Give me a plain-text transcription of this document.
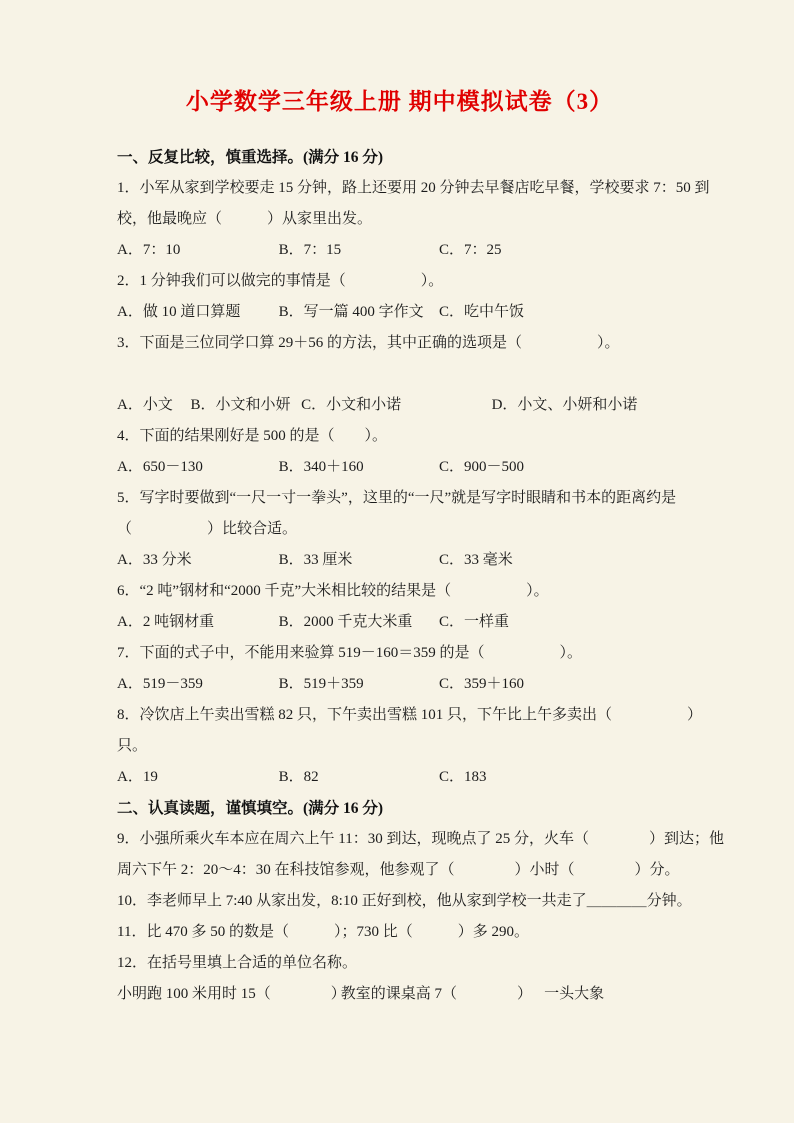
小学数学三年级上册 期中模拟试卷（3）
一、反复比较，慎重选择。(满分 16 分)
1．小军从家到学校要走 15 分钟，路上还要用 20 分钟去早餐店吃早餐，学校要求 7：50 到
校，他最晚应（　　　）从家里出发。
A．7：10	B．7：15	C．7：25
2．1 分钟我们可以做完的事情是（　　　　　）。
A．做 10 道口算题	B．写一篇 400 字作文	C．吃中午饭
3．下面是三位同学口算 29＋56 的方法，其中正确的选项是（　　　　　）。
A．小文	B．小文和小妍 C．小文和小诺	D．小文、小妍和小诺
4．下面的结果刚好是 500 的是（　　）。
A．650－130	B．340＋160	C．900－500
5．写字时要做到“一尺一寸一拳头”，这里的“一尺”就是写字时眼睛和书本的距离约是
（　　　　　）比较合适。
A．33 分米	B．33 厘米	C．33 毫米
6．“2 吨”钢材和“2000 千克”大米相比较的结果是（　　　　　）。
A．2 吨钢材重	B．2000 千克大米重	C．一样重
7．下面的式子中，不能用来验算 519－160＝359 的是（　　　　　）。
A．519－359	B．519＋359	C．359＋160
8．冷饮店上午卖出雪糕 82 只，下午卖出雪糕 101 只，下午比上午多卖出（　　　　　）
只。
A．19	B．82	C．183
二、认真读题，谨慎填空。(满分 16 分)
9．小强所乘火车本应在周六上午 11：30 到达，现晚点了 25 分，火车（　　　　）到达；他
周六下午 2：20～4：30 在科技馆参观，他参观了（　　　　）小时（　　　　）分。
10．李老师早上 7:40 从家出发，8:10 正好到校，他从家到学校一共走了＿＿＿＿分钟。
11．比 470 多 50 的数是（　　　）；730 比（　　　）多 290。
12．在括号里填上合适的单位名称。
小明跑 100 米用时 15（　　　　）
教室的课桌高 7（　　　　） 一头大象
